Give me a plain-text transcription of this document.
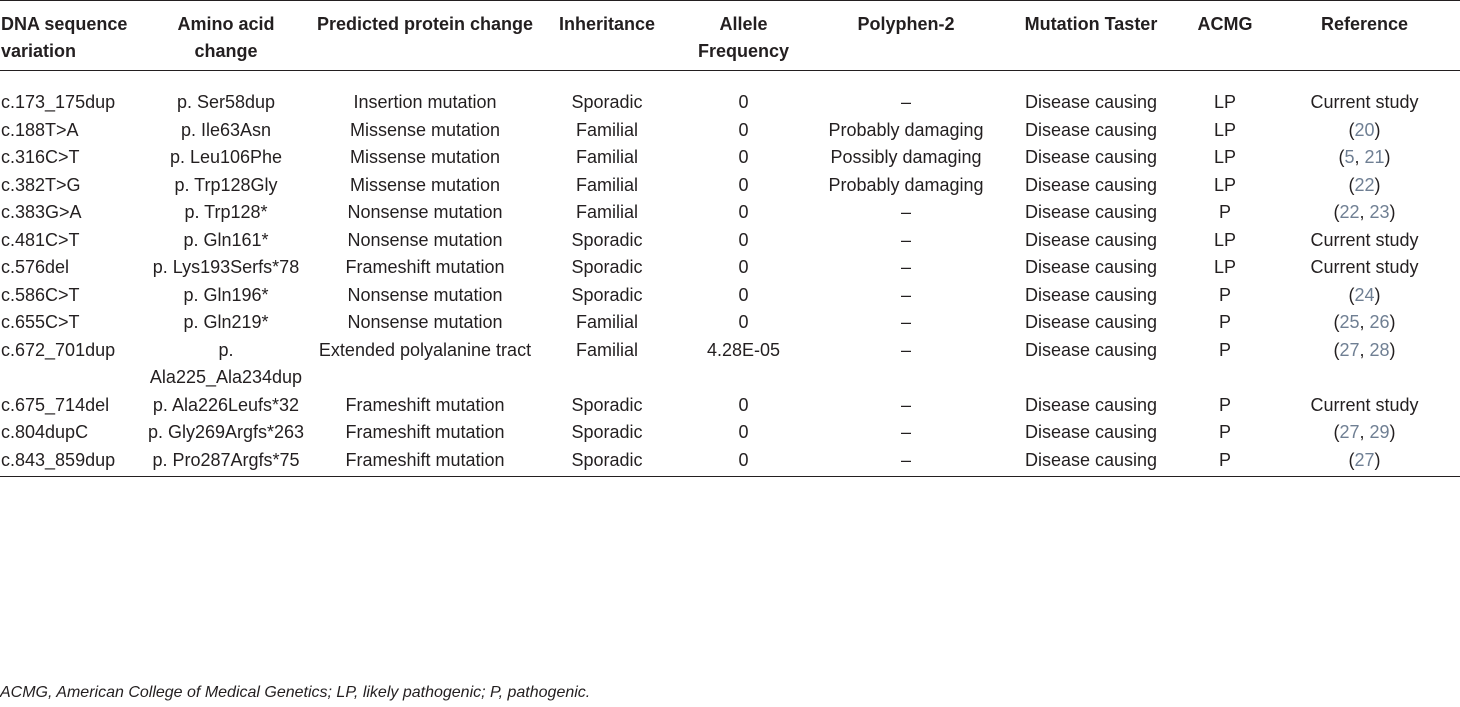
DNA sequence variation	Amino acid change	Predicted protein change	Inheritance	Allele Frequency	Polyphen-2	Mutation Taster	ACMG	Reference
c.173_175dup	p. Ser58dup	Insertion mutation	Sporadic	0	–	Disease causing	LP	Current study
c.188T>A	p. Ile63Asn	Missense mutation	Familial	0	Probably damaging	Disease causing	LP	(20)
c.316C>T	p. Leu106Phe	Missense mutation	Familial	0	Possibly damaging	Disease causing	LP	(5, 21)
c.382T>G	p. Trp128Gly	Missense mutation	Familial	0	Probably damaging	Disease causing	LP	(22)
c.383G>A	p. Trp128*	Nonsense mutation	Familial	0	–	Disease causing	P	(22, 23)
c.481C>T	p. Gln161*	Nonsense mutation	Sporadic	0	–	Disease causing	LP	Current study
c.576del	p. Lys193Serfs*78	Frameshift mutation	Sporadic	0	–	Disease causing	LP	Current study
c.586C>T	p. Gln196*	Nonsense mutation	Sporadic	0	–	Disease causing	P	(24)
c.655C>T	p. Gln219*	Nonsense mutation	Familial	0	–	Disease causing	P	(25, 26)
c.672_701dup	p. Ala225_Ala234dup	Extended polyalanine tract	Familial	4.28E-05	–	Disease causing	P	(27, 28)
c.675_714del	p. Ala226Leufs*32	Frameshift mutation	Sporadic	0	–	Disease causing	P	Current study
c.804dupC	p. Gly269Argfs*263	Frameshift mutation	Sporadic	0	–	Disease causing	P	(27, 29)
c.843_859dup	p. Pro287Argfs*75	Frameshift mutation	Sporadic	0	–	Disease causing	P	(27)
ACMG, American College of Medical Genetics; LP, likely pathogenic; P, pathogenic.
